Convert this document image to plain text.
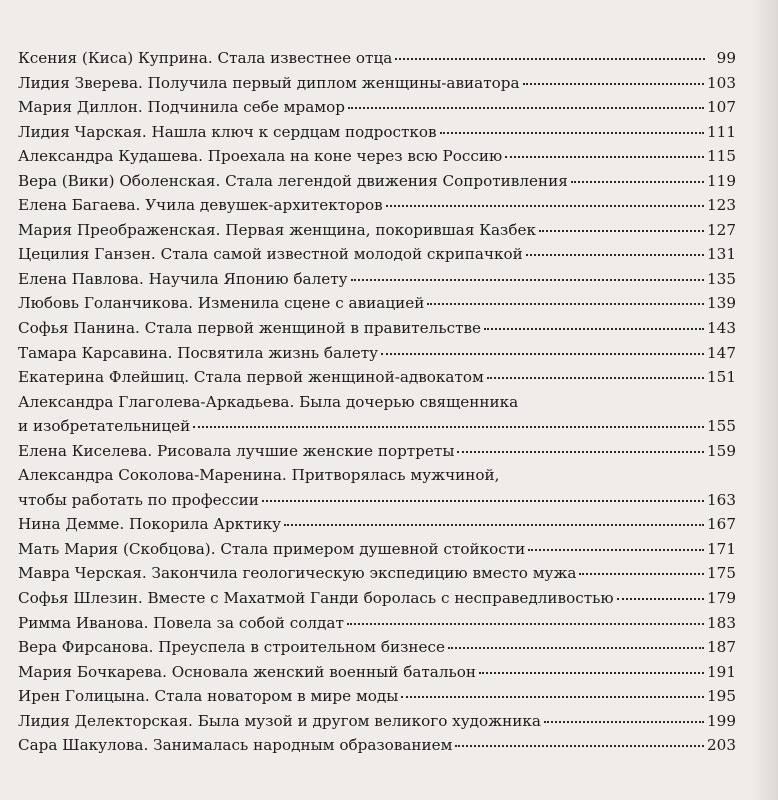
Ксения (Киса) Куприна. Стала известнее отца	99
Лидия Зверева. Получила первый диплом женщины-авиатора	103
Мария Диллон. Подчинила себе мрамор	107
Лидия Чарская. Нашла ключ к сердцам подростков	111
Александра Кудашева. Проехала на коне через всю Россию	115
Вера (Вики) Оболенская. Стала легендой движения Сопротивления	119
Елена Багаева. Учила девушек-архитекторов	123
Мария Преображенская. Первая женщина, покорившая Казбек	127
Цецилия Ганзен. Стала самой известной молодой скрипачкой	131
Елена Павлова. Научила Японию балету	135
Любовь Голанчикова. Изменила сцене с авиацией	139
Софья Панина. Стала первой женщиной в правительстве	143
Тамара Карсавина. Посвятила жизнь балету	147
Екатерина Флейшиц. Стала первой женщиной-адвокатом	151
Александра Глаголева-Аркадьева. Была дочерью священника
и изобретательницей	155
Елена Киселева. Рисовала лучшие женские портреты	159
Александра Соколова-Маренина. Притворялась мужчиной,
чтобы работать по профессии	163
Нина Демме. Покорила Арктику	167
Мать Мария (Скобцова). Стала примером душевной стойкости	171
Мавра Черская. Закончила геологическую экспедицию вместо мужа	175
Софья Шлезин. Вместе с Махатмой Ганди боролась с несправедливостью	179
Римма Иванова. Повела за собой солдат	183
Вера Фирсанова. Преуспела в строительном бизнесе	187
Мария Бочкарева. Основала женский военный батальон	191
Ирен Голицына. Стала новатором в мире моды	195
Лидия Делекторская. Была музой и другом великого художника	199
Сара Шакулова. Занималась народным образованием	203
